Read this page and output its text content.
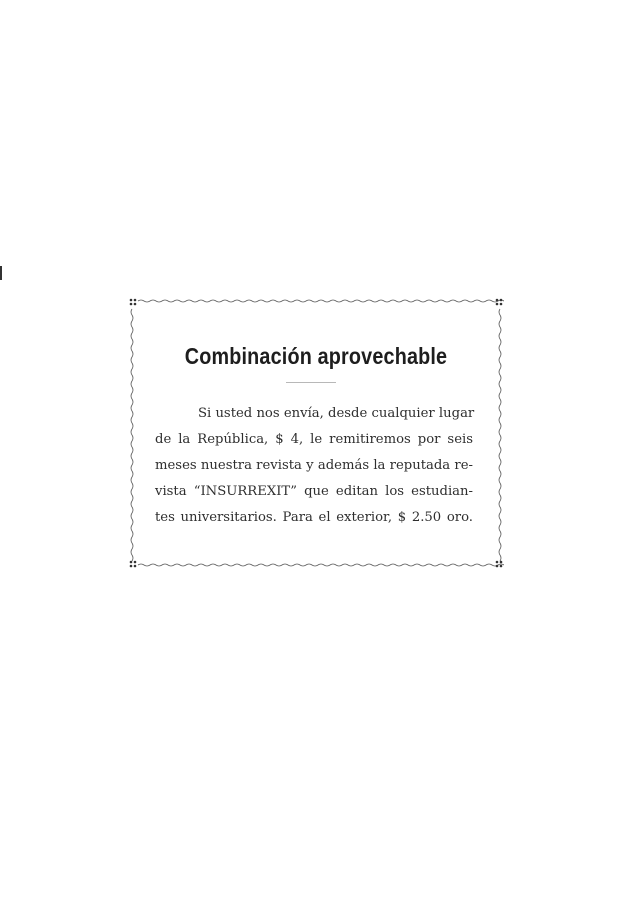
Combinación aprovechable
Si usted nos envía, desde cualquier lugar
de la República, $ 4, le remitiremos por seis
meses nuestra revista y además la reputada re-
vista “INSURREXIT” que editan los estudian-
tes universitarios. Para el exterior, $ 2.50 oro.
